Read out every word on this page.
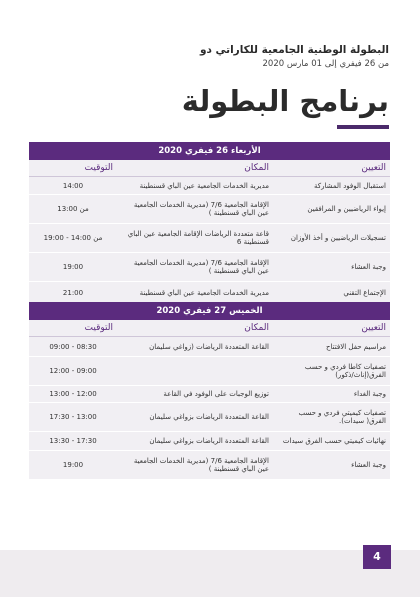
البطولة الوطنية الجامعية للكاراتي دو
من 26 فيفري إلى 01 مارس 2020
برنامج البطولة
الأربعاء 26 فيفري 2020
التعيين
المكان
التوقيت
استقبال الوفود المشاركة
مديرية الخدمات الجامعية عين الباي قسنطينة
14:00
إيواء الرياضيين و المرافقين
الإقامة الجامعية 7/6 (مديرية الخدمات الجامعية عين الباي قسنطينة )
من 13:00
تسجيلات الرياضيين و أخذ الأوزان
قاعة متعددة الرياضات الإقامة الجامعية عين الباي قسنطينة 6
من 14:00 - 19:00
وجبة العشاء
الإقامة الجامعية 7/6 (مديرية الخدمات الجامعية عين الباي قسنطينة )
19:00
الإجتماع التقني
مديرية الخدمات الجامعية عين الباي قسنطينة
21:00
الخميس 27 فيفري 2020
التعيين
المكان
التوقيت
مراسيم حفل الافتتاح
القاعة المتعددة الرياضات (زواغي سليمان
08:30 - 09:00
تصفيات كاطا فردي و حسب الفرق(إناث/ذكور)
09:00 - 12:00
وجبة الغداء
توزيع الوجبات على الوفود في القاعة
12:00 - 13:00
تصفيات كيميتي فردي و حسب الفرق( سيدات).
القاعة المتعددة الرياضات بزواغي سليمان
13:00 - 17:30
نهائيات كيميتي حسب الفرق سيدات
القاعة المتعددة الرياضات بزواغي سليمان
17:30 - 13:30
وجبة العشاء
الإقامة الجامعية 7/6 (مديرية الخدمات الجامعية عين الباي قسنطينة )
19:00
4
